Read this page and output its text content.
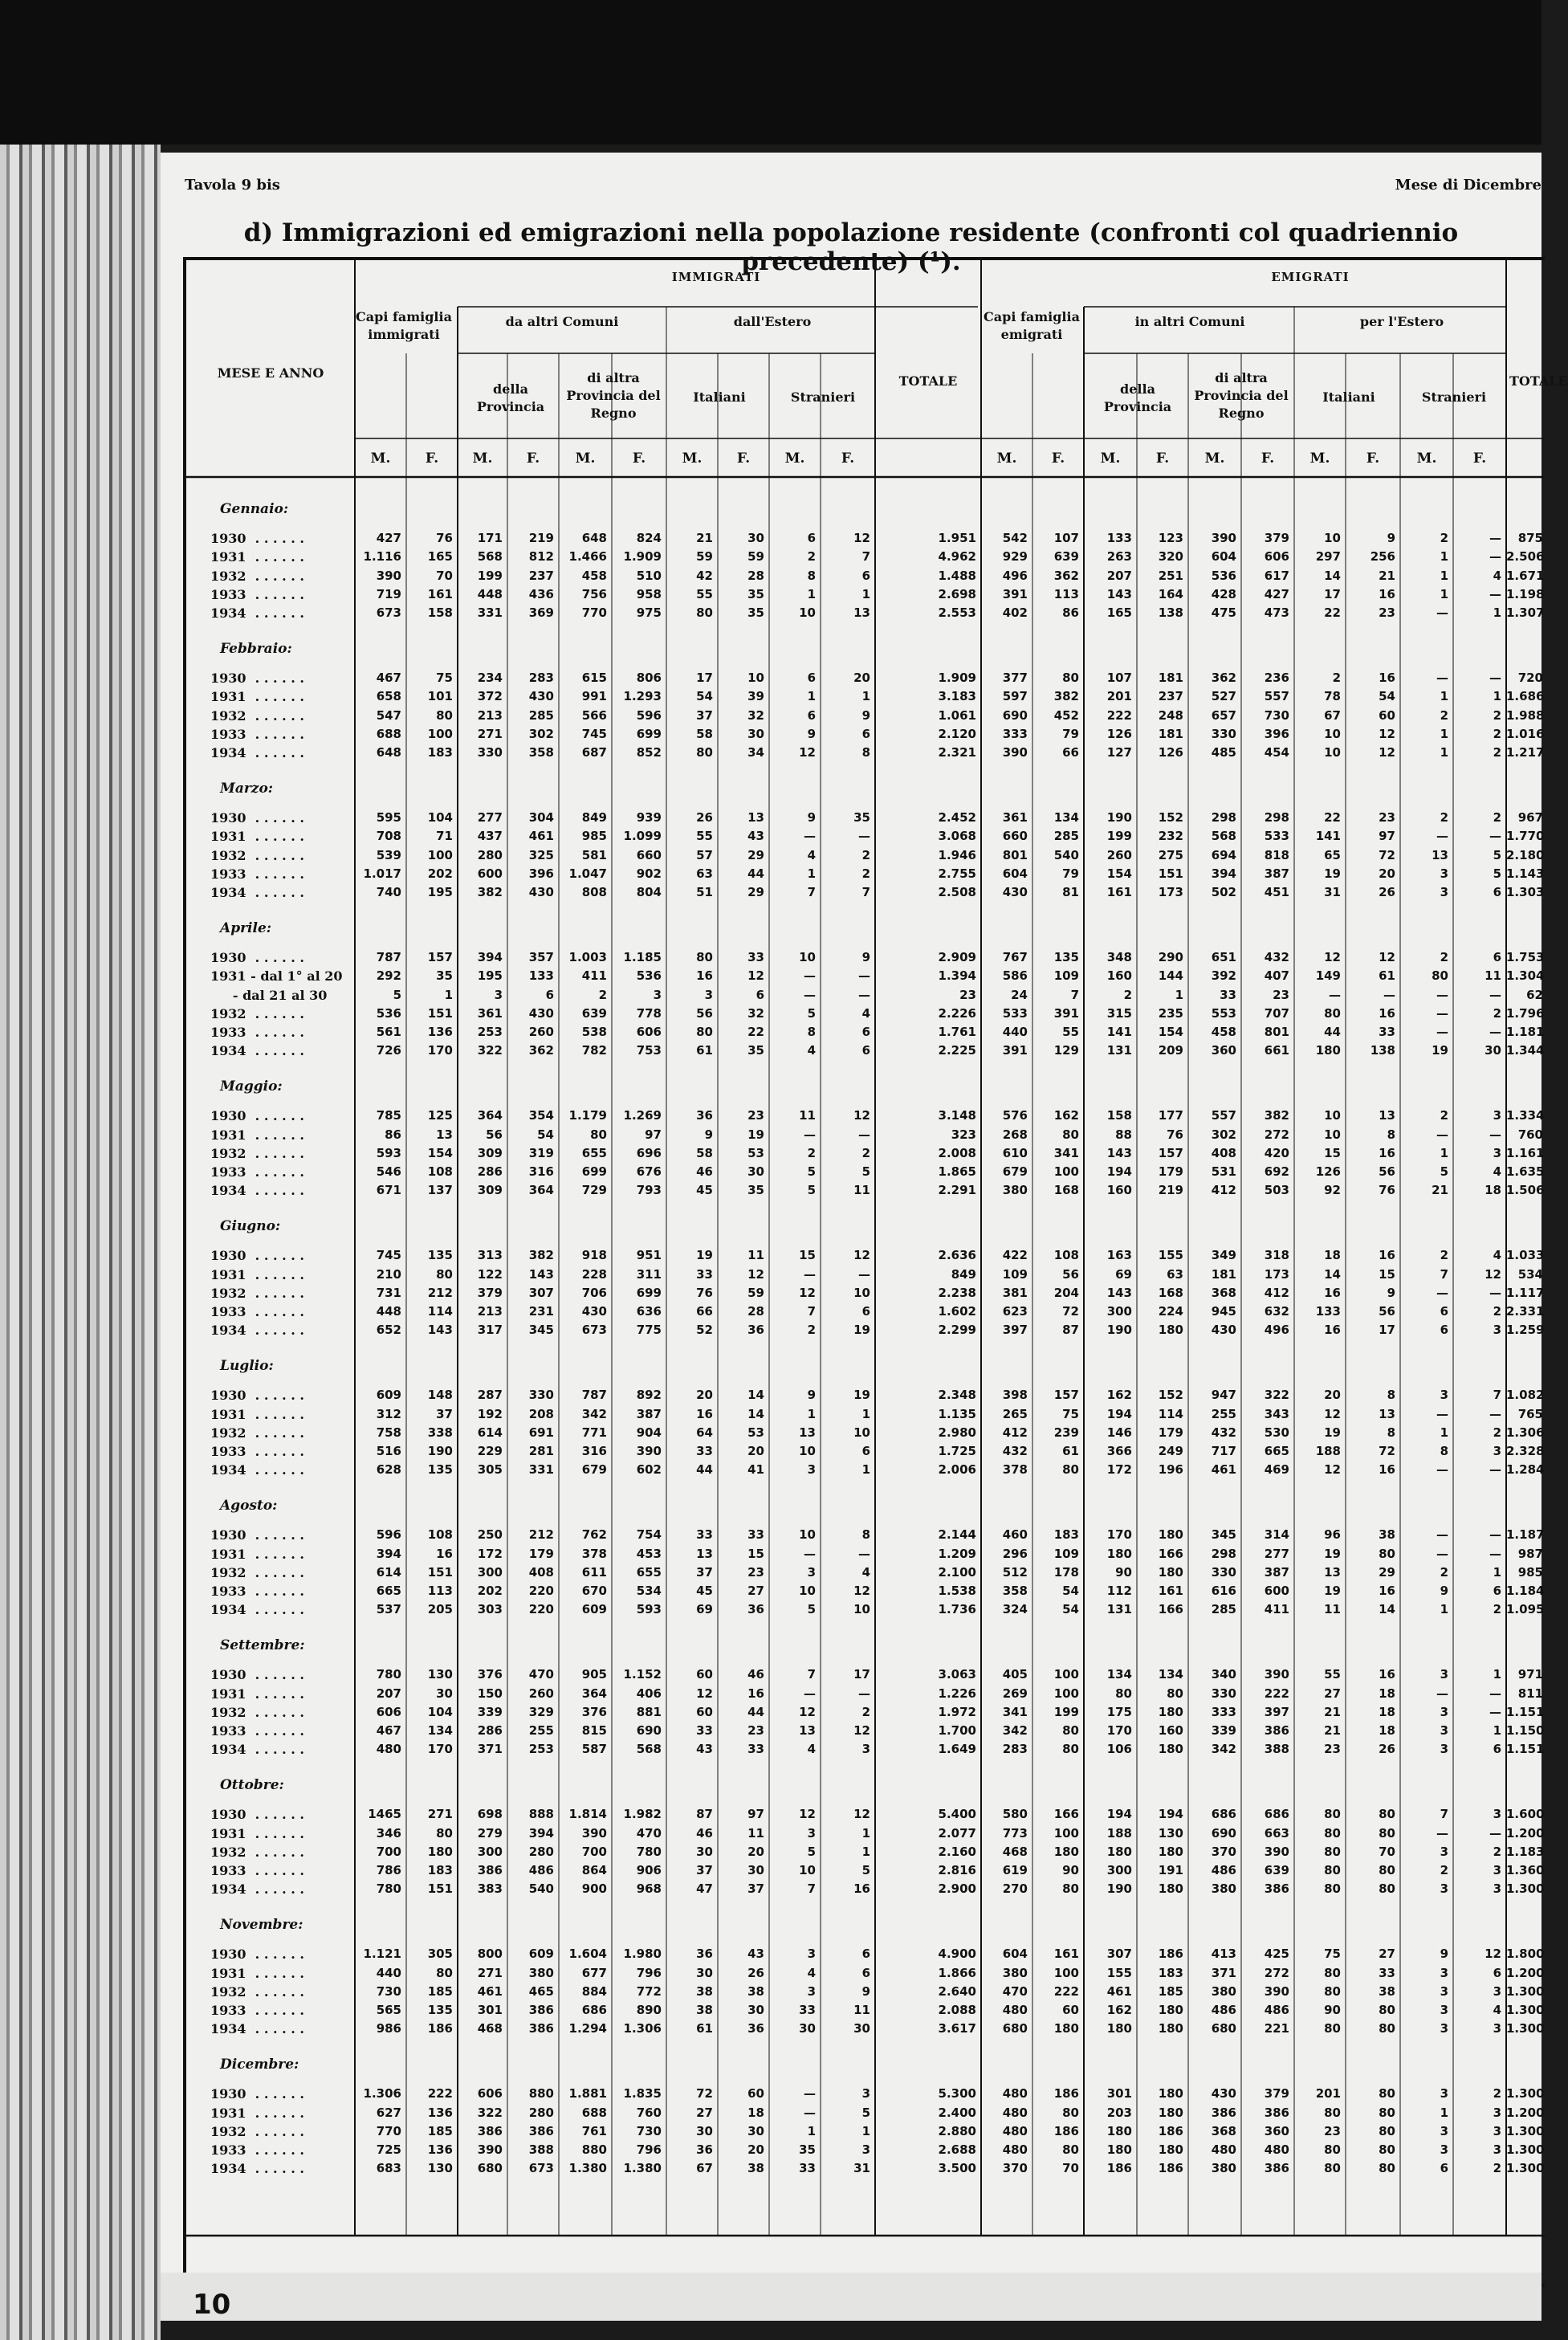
Tavola 9 bis	Mese di Dicembre
d) Immigrazioni ed emigrazioni nella popolazione residente (confronti col quadriennio precedente) (¹).
MESE E ANNO
IMMIGRATI	EMIGRATI
Capi famiglia immigrati
Capi famiglia emigrati
da altri Comuni	dall'Estero	in altri Comuni	per l'Estero
della Provincia
di altra Provincia del Regno
Italiani	Stranieri
TOTALE
della Provincia
di altra Provincia del Regno
Italiani	Stranieri
TOTALE
M.	F.	M.	F.	M.	F.	M.	F.	M.	F.	M.	F.	M.	F.	M.	F.	M.	F.	M.	F.
Gennaio:
1930  . . . . . .	427	76	171	219	648	824	21	30	6	12	1.951	542	107	133	123	390	379	10	9	2	—	875
1931  . . . . . .	1.116	165	568	812	1.466	1.909	59	59	2	7	4.962	929	639	263	320	604	606	297	256	1	— 2.506
1932  . . . . . .	390	70	199	237	458	510	42	28	8	6	1.488	496	362	207	251	536	617	14	21	1	4 1.671
1933  . . . . . .	719	161	448	436	756	958	55	35	1	1	2.698	391	113	143	164	428	427	17	16	1	— 1.198
1934  . . . . . .	673	158	331	369	770	975	80	35	10	13	2.553	402	86	165	138	475	473	22	23	—	1 1.307
Febbraio:
1930  . . . . . .	467	75	234	283	615	806	17	10	6	20	1.909	377	80	107	181	362	236	2	16	—	—	720
1931  . . . . . .	658	101	372	430	991	1.293	54	39	1	1	3.183	597	382	201	237	527	557	78	54	1	1 1.686
1932  . . . . . .	547	80	213	285	566	596	37	32	6	9	1.061	690	452	222	248	657	730	67	60	2	2 1.988
1933  . . . . . .	688	100	271	302	745	699	58	30	9	6	2.120	333	79	126	181	330	396	10	12	1	2 1.016
1934  . . . . . .	648	183	330	358	687	852	80	34	12	8	2.321	390	66	127	126	485	454	10	12	1	2 1.217
Marzo:
1930  . . . . . .	595	104	277	304	849	939	26	13	9	35	2.452	361	134	190	152	298	298	22	23	2	2	967
1931  . . . . . .	708	71	437	461	985	1.099	55	43	—	—	3.068	660	285	199	232	568	533	141	97	—	— 1.770
1932  . . . . . .	539	100	280	325	581	660	57	29	4	2	1.946	801	540	260	275	694	818	65	72	13	5 2.180
1933  . . . . . .	1.017	202	600	396	1.047	902	63	44	1	2	2.755	604	79	154	151	394	387	19	20	3	5 1.143
1934  . . . . . .	740	195	382	430	808	804	51	29	7	7	2.508	430	81	161	173	502	451	31	26	3	6 1.303
Aprile:
1930  . . . . . .	787	157	394	357	1.003	1.185	80	33	10	9	2.909	767	135	348	290	651	432	12	12	2	6 1.753
1931 - dal 1° al 20	292	35	195	133	411	536	16	12	—	—	1.394	586	109	160	144	392	407	149	61	80	11 1.304
- dal 21 al 30	5	1	3	6	2	3	3	6	—	—	23	24	7	2	1	33	23	—	—	—	—	62
1932  . . . . . .	536	151	361	430	639	778	56	32	5	4	2.226	533	391	315	235	553	707	80	16	—	2 1.796
1933  . . . . . .	561	136	253	260	538	606	80	22	8	6	1.761	440	55	141	154	458	801	44	33	—	— 1.181
1934  . . . . . .	726	170	322	362	782	753	61	35	4	6	2.225	391	129	131	209	360	661	180	138	19	30 1.344
Maggio:
1930  . . . . . .	785	125	364	354	1.179	1.269	36	23	11	12	3.148	576	162	158	177	557	382	10	13	2	3 1.334
1931  . . . . . .	86	13	56	54	80	97	9	19	—	—	323	268	80	88	76	302	272	10	8	—	—	760
1932  . . . . . .	593	154	309	319	655	696	58	53	2	2	2.008	610	341	143	157	408	420	15	16	1	3 1.161
1933  . . . . . .	546	108	286	316	699	676	46	30	5	5	1.865	679	100	194	179	531	692	126	56	5	4 1.635
1934  . . . . . .	671	137	309	364	729	793	45	35	5	11	2.291	380	168	160	219	412	503	92	76	21	18 1.506
Giugno:
1930  . . . . . .	745	135	313	382	918	951	19	11	15	12	2.636	422	108	163	155	349	318	18	16	2	4 1.033
1931  . . . . . .	210	80	122	143	228	311	33	12	—	—	849	109	56	69	63	181	173	14	15	7	12	534
1932  . . . . . .	731	212	379	307	706	699	76	59	12	10	2.238	381	204	143	168	368	412	16	9	—	— 1.117
1933  . . . . . .	448	114	213	231	430	636	66	28	7	6	1.602	623	72	300	224	945	632	133	56	6	2 2.331
1934  . . . . . .	652	143	317	345	673	775	52	36	2	19	2.299	397	87	190	180	430	496	16	17	6	3 1.259
Luglio:
1930  . . . . . .	609	148	287	330	787	892	20	14	9	19	2.348	398	157	162	152	947	322	20	8	3	7 1.082
1931  . . . . . .	312	37	192	208	342	387	16	14	1	1	1.135	265	75	194	114	255	343	12	13	—	—	765
1932  . . . . . .	758	338	614	691	771	904	64	53	13	10	2.980	412	239	146	179	432	530	19	8	1	2 1.306
1933  . . . . . .	516	190	229	281	316	390	33	20	10	6	1.725	432	61	366	249	717	665	188	72	8	3 2.328
1934  . . . . . .	628	135	305	331	679	602	44	41	3	1	2.006	378	80	172	196	461	469	12	16	—	— 1.284
Agosto:
1930  . . . . . .	596	108	250	212	762	754	33	33	10	8	2.144	460	183	170	180	345	314	96	38	—	— 1.187
1931  . . . . . .	394	16	172	179	378	453	13	15	—	—	1.209	296	109	180	166	298	277	19	80	—	—	987
1932  . . . . . .	614	151	300	408	611	655	37	23	3	4	2.100	512	178	90	180	330	387	13	29	2	1	985
1933  . . . . . .	665	113	202	220	670	534	45	27	10	12	1.538	358	54	112	161	616	600	19	16	9	6 1.184
1934  . . . . . .	537	205	303	220	609	593	69	36	5	10	1.736	324	54	131	166	285	411	11	14	1	2 1.095
Settembre:
1930  . . . . . .	780	130	376	470	905	1.152	60	46	7	17	3.063	405	100	134	134	340	390	55	16	3	1	971
1931  . . . . . .	207	30	150	260	364	406	12	16	—	—	1.226	269	100	80	80	330	222	27	18	—	—	811
1932  . . . . . .	606	104	339	329	376	881	60	44	12	2	1.972	341	199	175	180	333	397	21	18	3	— 1.151
1933  . . . . . .	467	134	286	255	815	690	33	23	13	12	1.700	342	80	170	160	339	386	21	18	3	1 1.150
1934  . . . . . .	480	170	371	253	587	568	43	33	4	3	1.649	283	80	106	180	342	388	23	26	3	6 1.151
Ottobre:
1930  . . . . . .	1465	271	698	888	1.814	1.982	87	97	12	12	5.400	580	166	194	194	686	686	80	80	7	3 1.600
1931  . . . . . .	346	80	279	394	390	470	46	11	3	1	2.077	773	100	188	130	690	663	80	80	—	— 1.200
1932  . . . . . .	700	180	300	280	700	780	30	20	5	1	2.160	468	180	180	180	370	390	80	70	3	2 1.183
1933  . . . . . .	786	183	386	486	864	906	37	30	10	5	2.816	619	90	300	191	486	639	80	80	2	3 1.360
1934  . . . . . .	780	151	383	540	900	968	47	37	7	16	2.900	270	80	190	180	380	386	80	80	3	3 1.300
Novembre:
1930  . . . . . .	1.121	305	800	609	1.604	1.980	36	43	3	6	4.900	604	161	307	186	413	425	75	27	9	12 1.800
1931  . . . . . .	440	80	271	380	677	796	30	26	4	6	1.866	380	100	155	183	371	272	80	33	3	6 1.200
1932  . . . . . .	730	185	461	465	884	772	38	38	3	9	2.640	470	222	461	185	380	390	80	38	3	3 1.300
1933  . . . . . .	565	135	301	386	686	890	38	30	33	11	2.088	480	60	162	180	486	486	90	80	3	4 1.300
1934  . . . . . .	986	186	468	386	1.294	1.306	61	36	30	30	3.617	680	180	180	180	680	221	80	80	3	3 1.300
Dicembre:
1930  . . . . . .	1.306	222	606	880	1.881	1.835	72	60	—	3	5.300	480	186	301	180	430	379	201	80	3	2 1.300
1931  . . . . . .	627	136	322	280	688	760	27	18	—	5	2.400	480	80	203	180	386	386	80	80	1	3 1.200
1932  . . . . . .	770	185	386	386	761	730	30	30	1	1	2.880	480	186	180	186	368	360	23	80	3	3 1.300
1933  . . . . . .	725	136	390	388	880	796	36	20	35	3	2.688	480	80	180	180	480	480	80	80	3	3 1.300
1934  . . . . . .	683	130	680	673	1.380	1.380	67	38	33	31	3.500	370	70	186	186	380	386	80	80	6	2 1.300
10
